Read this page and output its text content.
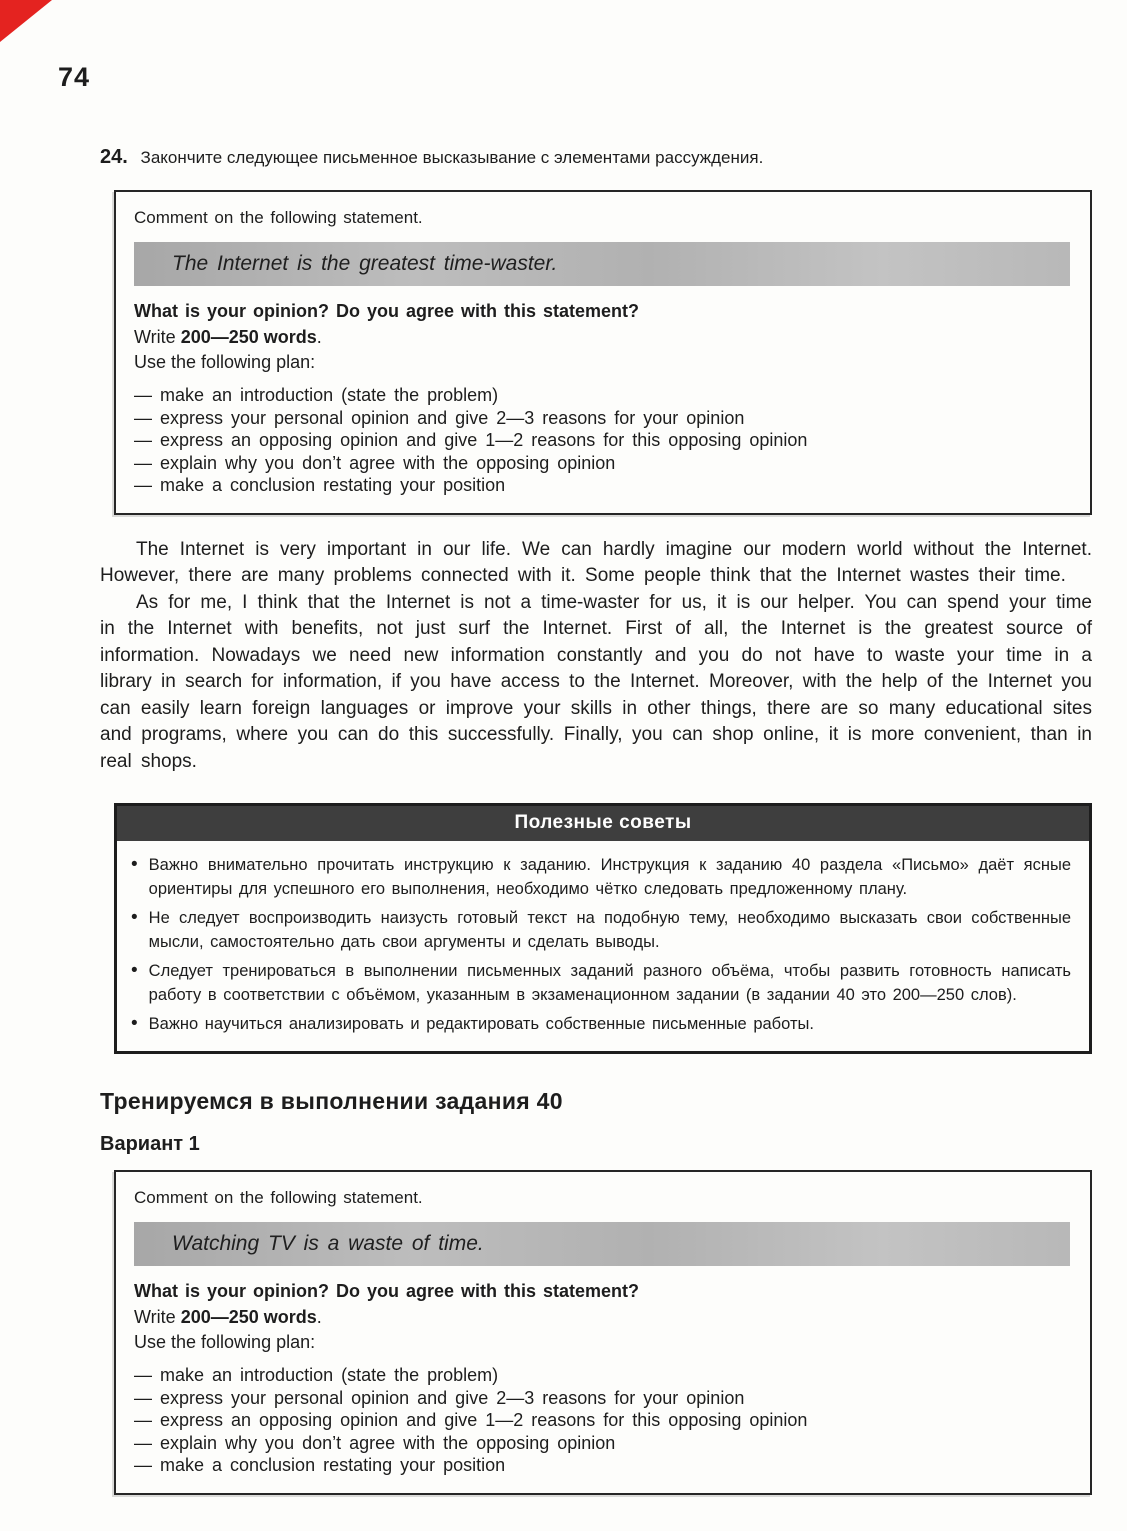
74

24. Закончите следующее письменное высказывание с элементами рассуждения.

Comment on the following statement.

The Internet is the greatest time-waster.

What is your opinion? Do you agree with this statement?

Write 200—250 words.

Use the following plan:

— make an introduction (state the problem)

— express your personal opinion and give 2—3 reasons for your opinion

— express an opposing opinion and give 1—2 reasons for this opposing opinion

— explain why you don’t agree with the opposing opinion

— make a conclusion restating your position

The Internet is very important in our life. We can hardly imagine our modern world without the Internet. However, there are many problems connected with it. Some people think that the Internet wastes their time.

As for me, I think that the Internet is not a time-waster for us, it is our helper. You can spend your time in the Internet with benefits, not just surf the Internet. First of all, the Internet is the greatest source of information. Nowadays we need new information constantly and you do not have to waste your time in a library in search for information, if you have access to the Internet. Moreover, with the help of the Internet you can easily learn foreign languages or improve your skills in other things, there are so many educational sites and programs, where you can do this successfully. Finally, you can shop online, it is more convenient, than in real shops.

Полезные советы
• Важно внимательно прочитать инструкцию к заданию. Инструкция к заданию 40 раздела «Письмо» даёт ясные ориентиры для успешного его выполнения, необходимо чётко следовать предложенному плану.
• Не следует воспроизводить наизусть готовый текст на подобную тему, необходимо высказать свои собственные мысли, самостоятельно дать свои аргументы и сделать выводы.
• Следует тренироваться в выполнении письменных заданий разного объёма, чтобы развить готовность написать работу в соответствии с объёмом, указанным в экзаменационном задании (в задании 40 это 200—250 слов).
• Важно научиться анализировать и редактировать собственные письменные работы.
Тренируемся в выполнении задания 40
Вариант 1

Comment on the following statement.

Watching TV is a waste of time.

What is your opinion? Do you agree with this statement?

Write 200—250 words.

Use the following plan:

— make an introduction (state the problem)

— express your personal opinion and give 2—3 reasons for your opinion

— express an opposing opinion and give 1—2 reasons for this opposing opinion

— explain why you don’t agree with the opposing opinion

— make a conclusion restating your position
